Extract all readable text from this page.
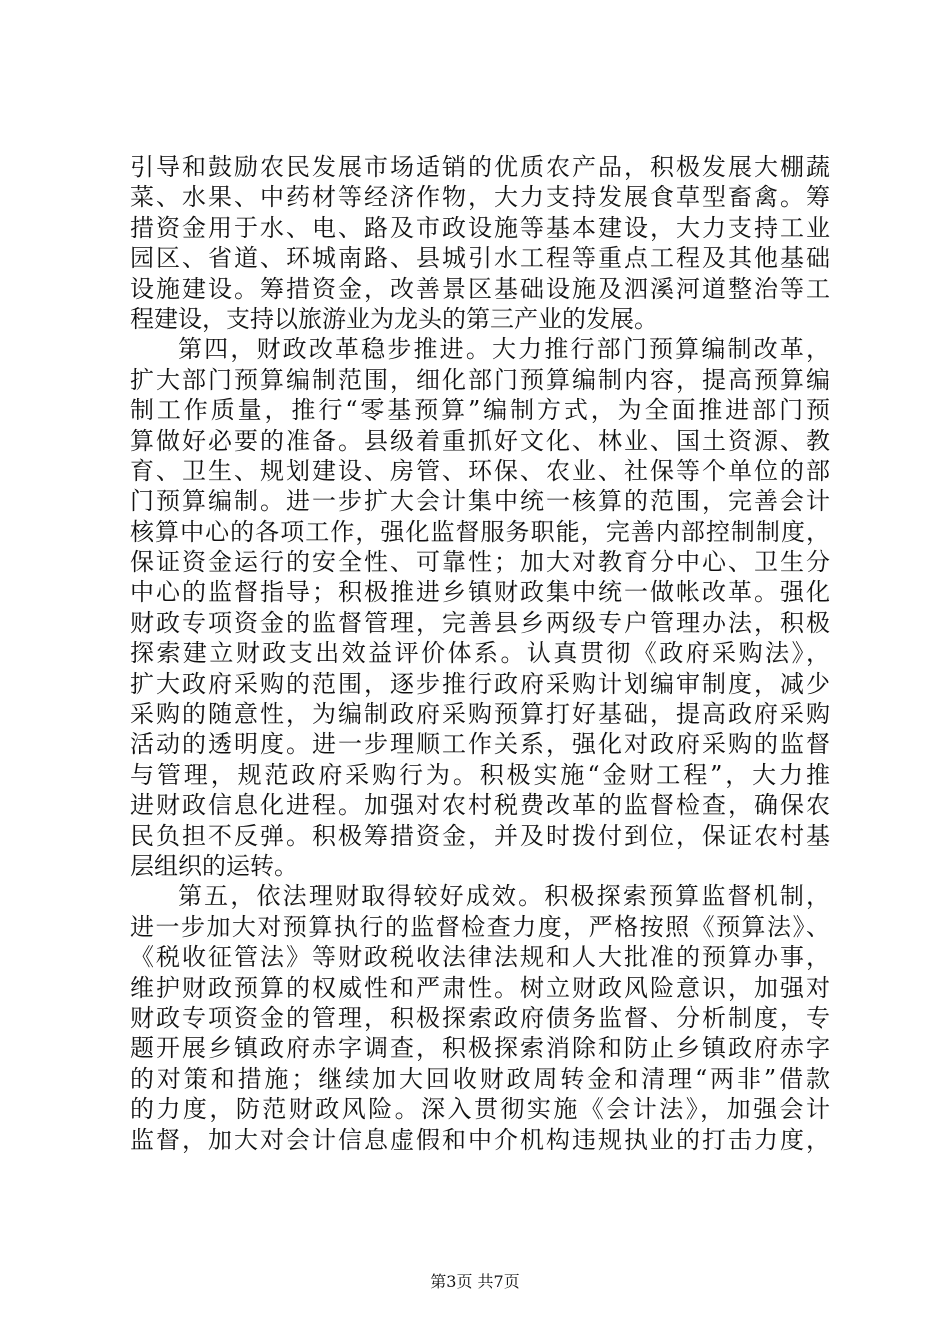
引导和鼓励农民发展市场适销的优质农产品，积极发展大棚蔬
菜、水果、中药材等经济作物，大力支持发展食草型畜禽。筹
措资金用于水、电、路及市政设施等基本建设，大力支持工业
园区、省道、环城南路、县城引水工程等重点工程及其他基础
设施建设。筹措资金，改善景区基础设施及泗溪河道整治等工
程建设，支持以旅游业为龙头的第三产业的发展。
第四，财政改革稳步推进。大力推行部门预算编制改革，
扩大部门预算编制范围，细化部门预算编制内容，提高预算编
制工作质量，推行“零基预算”编制方式，为全面推进部门预
算做好必要的准备。县级着重抓好文化、林业、国土资源、教
育、卫生、规划建设、房管、环保、农业、社保等个单位的部
门预算编制。进一步扩大会计集中统一核算的范围，完善会计
核算中心的各项工作，强化监督服务职能，完善内部控制制度，
保证资金运行的安全性、可靠性；加大对教育分中心、卫生分
中心的监督指导；积极推进乡镇财政集中统一做帐改革。强化
财政专项资金的监督管理，完善县乡两级专户管理办法，积极
探索建立财政支出效益评价体系。认真贯彻《政府采购法》，
扩大政府采购的范围，逐步推行政府采购计划编审制度，减少
采购的随意性，为编制政府采购预算打好基础，提高政府采购
活动的透明度。进一步理顺工作关系，强化对政府采购的监督
与管理，规范政府采购行为。积极实施“金财工程”，大力推
进财政信息化进程。加强对农村税费改革的监督检查，确保农
民负担不反弹。积极筹措资金，并及时拨付到位，保证农村基
层组织的运转。
第五，依法理财取得较好成效。积极探索预算监督机制，
进一步加大对预算执行的监督检查力度，严格按照《预算法》、
《税收征管法》等财政税收法律法规和人大批准的预算办事，
维护财政预算的权威性和严肃性。树立财政风险意识，加强对
财政专项资金的管理，积极探索政府债务监督、分析制度，专
题开展乡镇政府赤字调查，积极探索消除和防止乡镇政府赤字
的对策和措施；继续加大回收财政周转金和清理“两非”借款
的力度，防范财政风险。深入贯彻实施《会计法》，加强会计
监督，加大对会计信息虚假和中介机构违规执业的打击力度，
第3页 共7页
